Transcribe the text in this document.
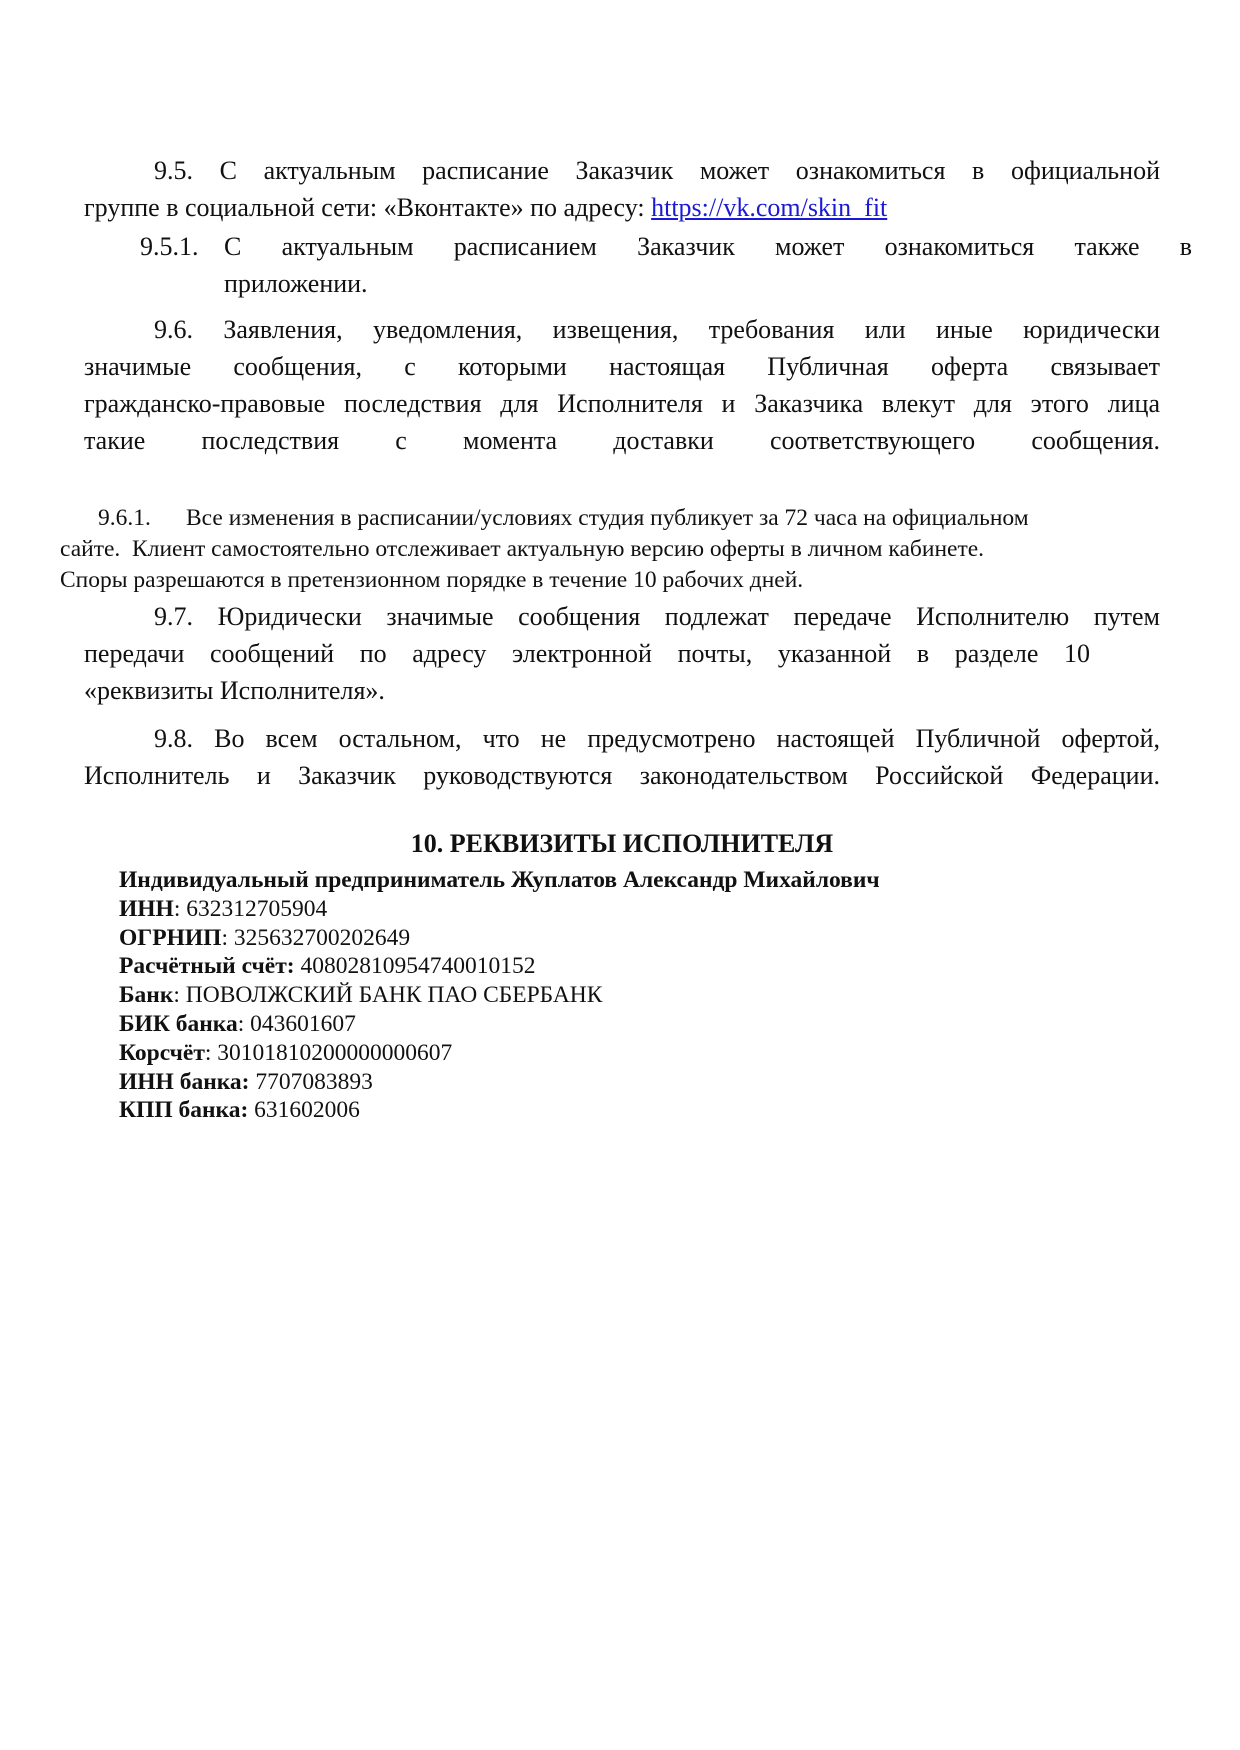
9.5. С актуальным расписание Заказчик может ознакомиться в официальной
группе в социальной сети: «Вконтакте» по адресу: https://vk.com/skin_fit
9.5.1. С актуальным расписанием Заказчик может ознакомиться также в
приложении.
9.6. Заявления, уведомления, извещения, требования или иные юридически
значимые сообщения, с которыми настоящая Публичная оферта связывает
гражданско-правовые последствия для Исполнителя и Заказчика влекут для этого лица
такие последствия с момента доставки соответствующего сообщения.
9.6.1. Все изменения в расписании/условиях студия публикует за 72 часа на официальном
сайте.  Клиент самостоятельно отслеживает актуальную версию оферты в личном кабинете.
Споры разрешаются в претензионном порядке в течение 10 рабочих дней.
9.7. Юридически значимые сообщения подлежат передаче Исполнителю путем
передачи сообщений по адресу электронной почты, указанной в разделе 10
«реквизиты Исполнителя».
9.8. Во всем остальном, что не предусмотрено настоящей Публичной офертой,
Исполнитель и Заказчик руководствуются законодательством Российской Федерации.
10. РЕКВИЗИТЫ ИСПОЛНИТЕЛЯ
Индивидуальный предприниматель Жуплатов Александр Михайлович
ИНН: 632312705904
ОГРНИП: 325632700202649
Расчётный счёт: 40802810954740010152
Банк: ПОВОЛЖСКИЙ БАНК ПАО СБЕРБАНК
БИК банка: 043601607
Корсчёт: 30101810200000000607
ИНН банка: 7707083893
КПП банка: 631602006
